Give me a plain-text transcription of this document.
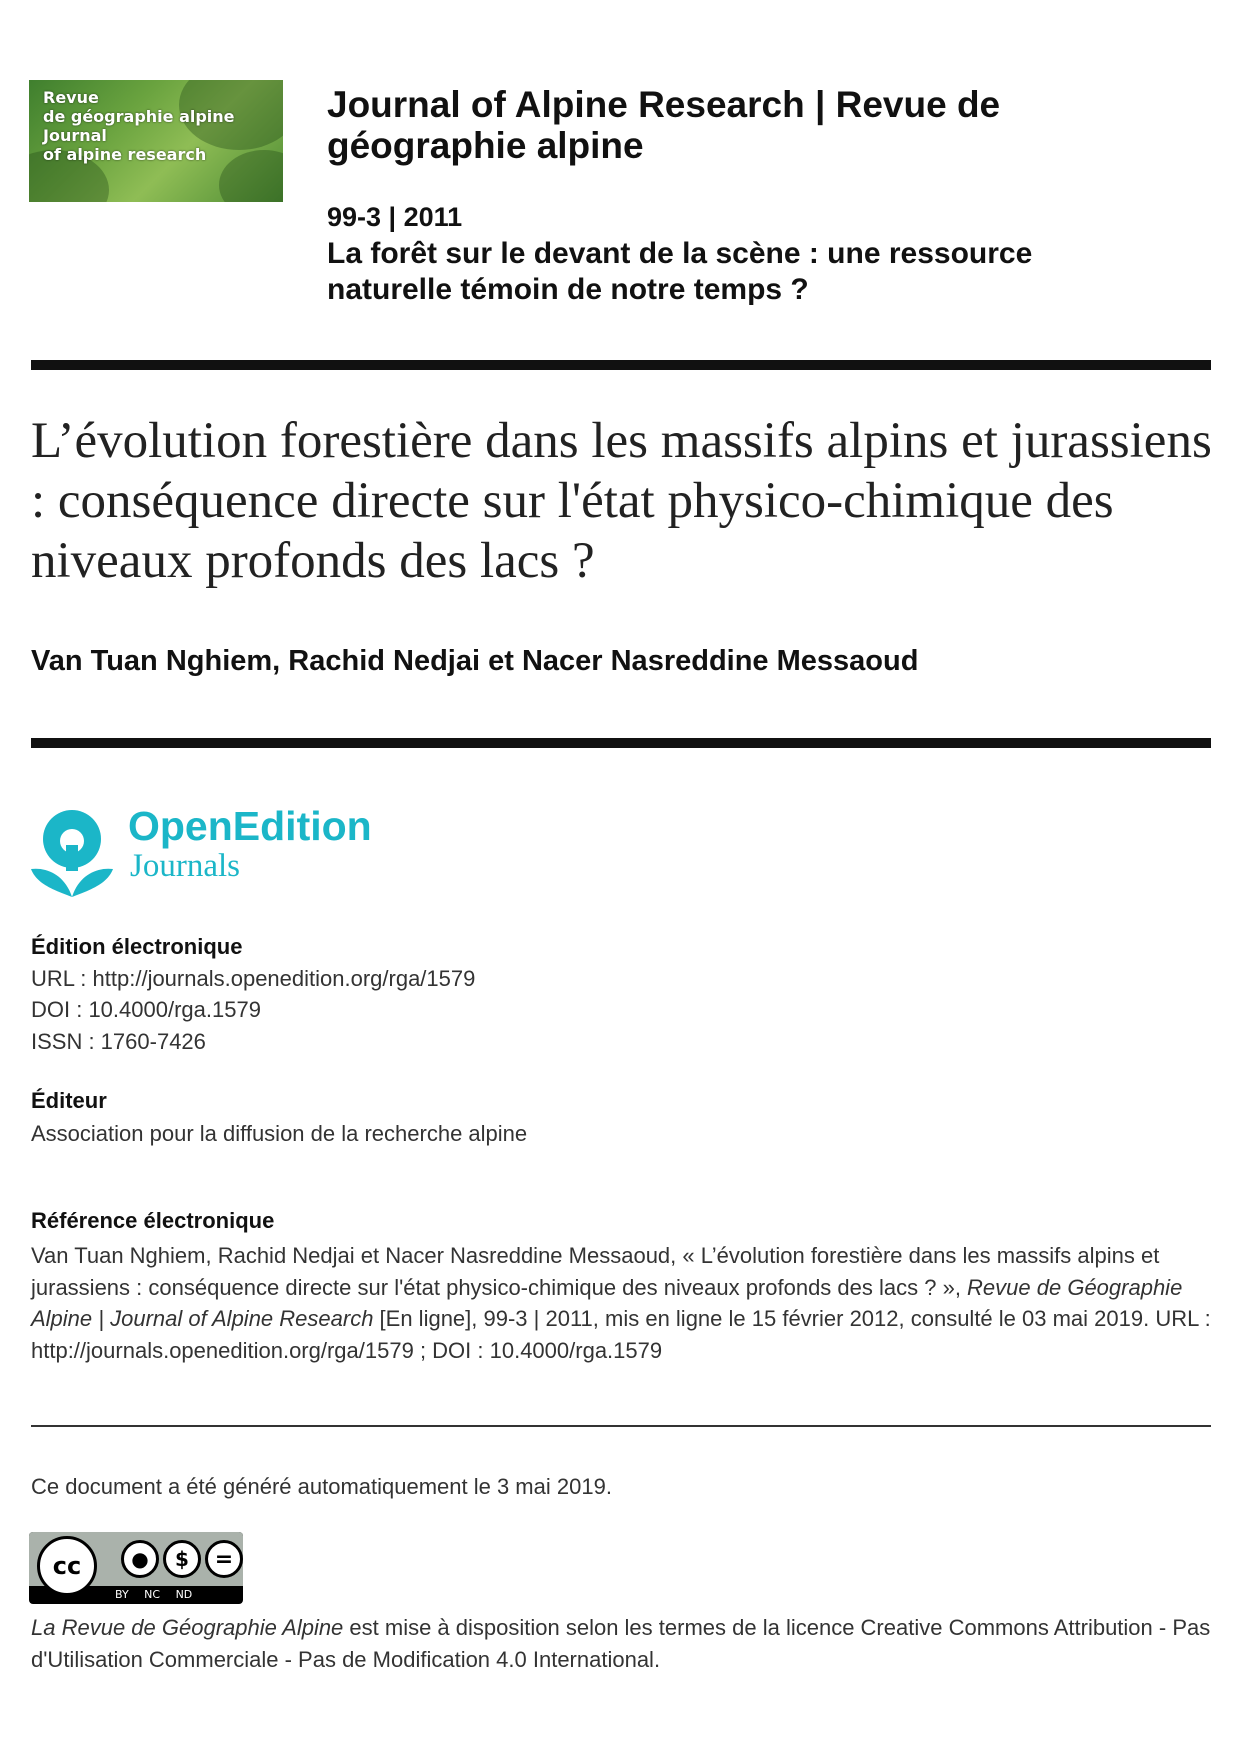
Revue
de géographie alpine
Journal
of alpine research
Journal of Alpine Research | Revue de géographie alpine
99-3 | 2011
La forêt sur le devant de la scène : une ressource naturelle témoin de notre temps ?
L’évolution forestière dans les massifs alpins et jurassiens : conséquence directe sur l'état physico-chimique des niveaux profonds des lacs ?
Van Tuan Nghiem, Rachid Nedjai et Nacer Nasreddine Messaoud
OpenEdition
Journals
Édition électronique
URL : http://journals.openedition.org/rga/1579
DOI : 10.4000/rga.1579
ISSN : 1760-7426
Éditeur
Association pour la diffusion de la recherche alpine
Référence électronique
Van Tuan Nghiem, Rachid Nedjai et Nacer Nasreddine Messaoud, « L’évolution forestière dans les massifs alpins et jurassiens : conséquence directe sur l'état physico-chimique des niveaux profonds des lacs ? », Revue de Géographie Alpine | Journal of Alpine Research [En ligne], 99-3 | 2011, mis en ligne le 15 février 2012, consulté le 03 mai 2019. URL : http://journals.openedition.org/rga/1579 ; DOI : 10.4000/rga.1579
Ce document a été généré automatiquement le 3 mai 2019.
cc	●	$	=
BY NC ND
La Revue de Géographie Alpine est mise à disposition selon les termes de la licence Creative Commons Attribution - Pas d'Utilisation Commerciale - Pas de Modification 4.0 International.
